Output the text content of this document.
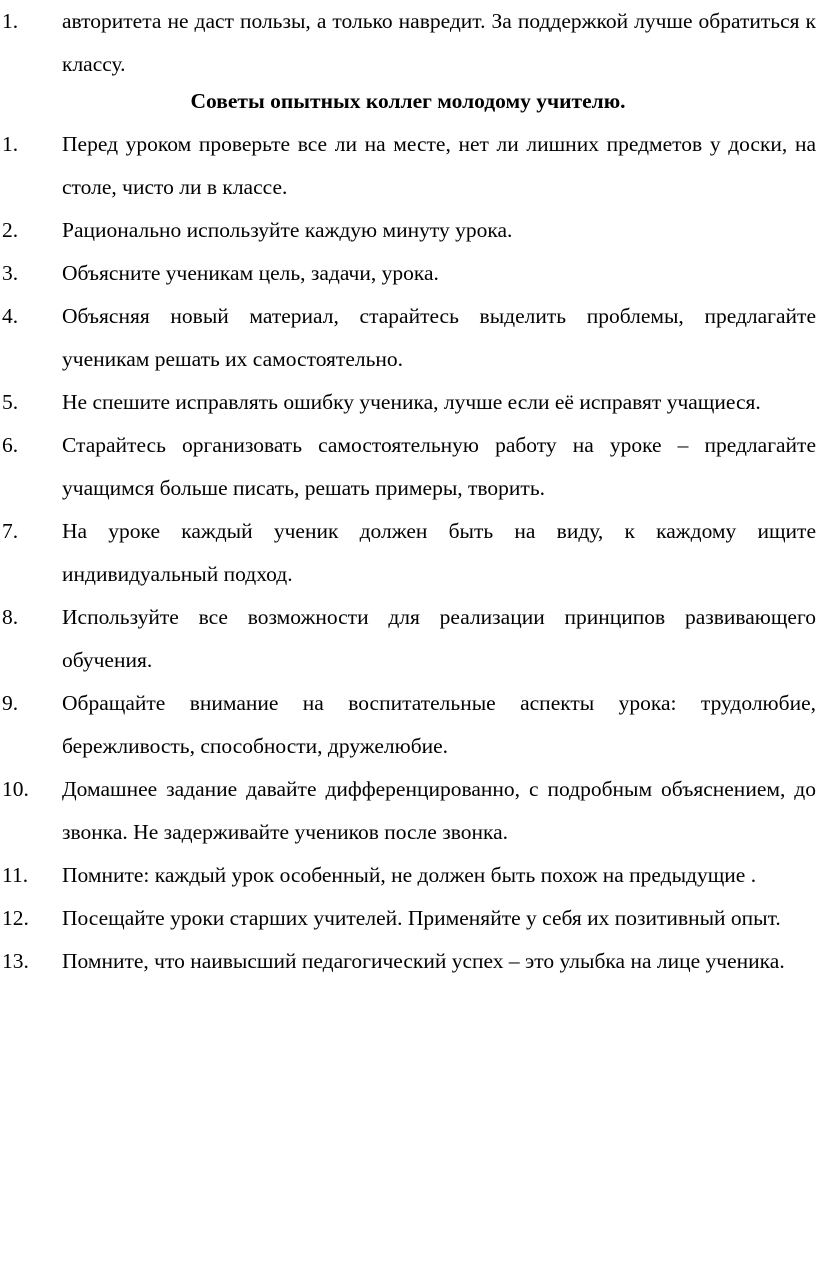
1.	авторитета не даст пользы, а только навредит. За поддержкой лучше обратиться к классу.
Советы опытных коллег молодому учителю.
1.	Перед уроком проверьте все ли на месте, нет ли лишних предметов у доски, на столе, чисто ли в классе.
2.	Рационально используйте каждую минуту урока.
3.	Объясните ученикам цель, задачи, урока.
4.	Объясняя новый материал, старайтесь выделить проблемы, предлагайте ученикам решать их самостоятельно.
5.	Не спешите исправлять ошибку ученика, лучше если её исправят учащиеся.
6.	Старайтесь организовать самостоятельную работу на уроке – предлагайте учащимся больше писать, решать примеры, творить.
7.	На уроке каждый ученик должен быть на виду, к каждому ищите индивидуальный подход.
8.	Используйте все возможности для реализации принципов развивающего обучения.
9.	Обращайте внимание на воспитательные аспекты урока: трудолюбие, бережливость, способности, дружелюбие.
10.	Домашнее задание давайте дифференцированно, с подробным объяснением, до звонка. Не задерживайте учеников после звонка.
11.	Помните: каждый урок особенный, не должен быть похож на предыдущие .
12.	Посещайте уроки старших учителей. Применяйте у себя их позитивный опыт.
13.	Помните, что наивысший педагогический успех – это улыбка на лице ученика.
